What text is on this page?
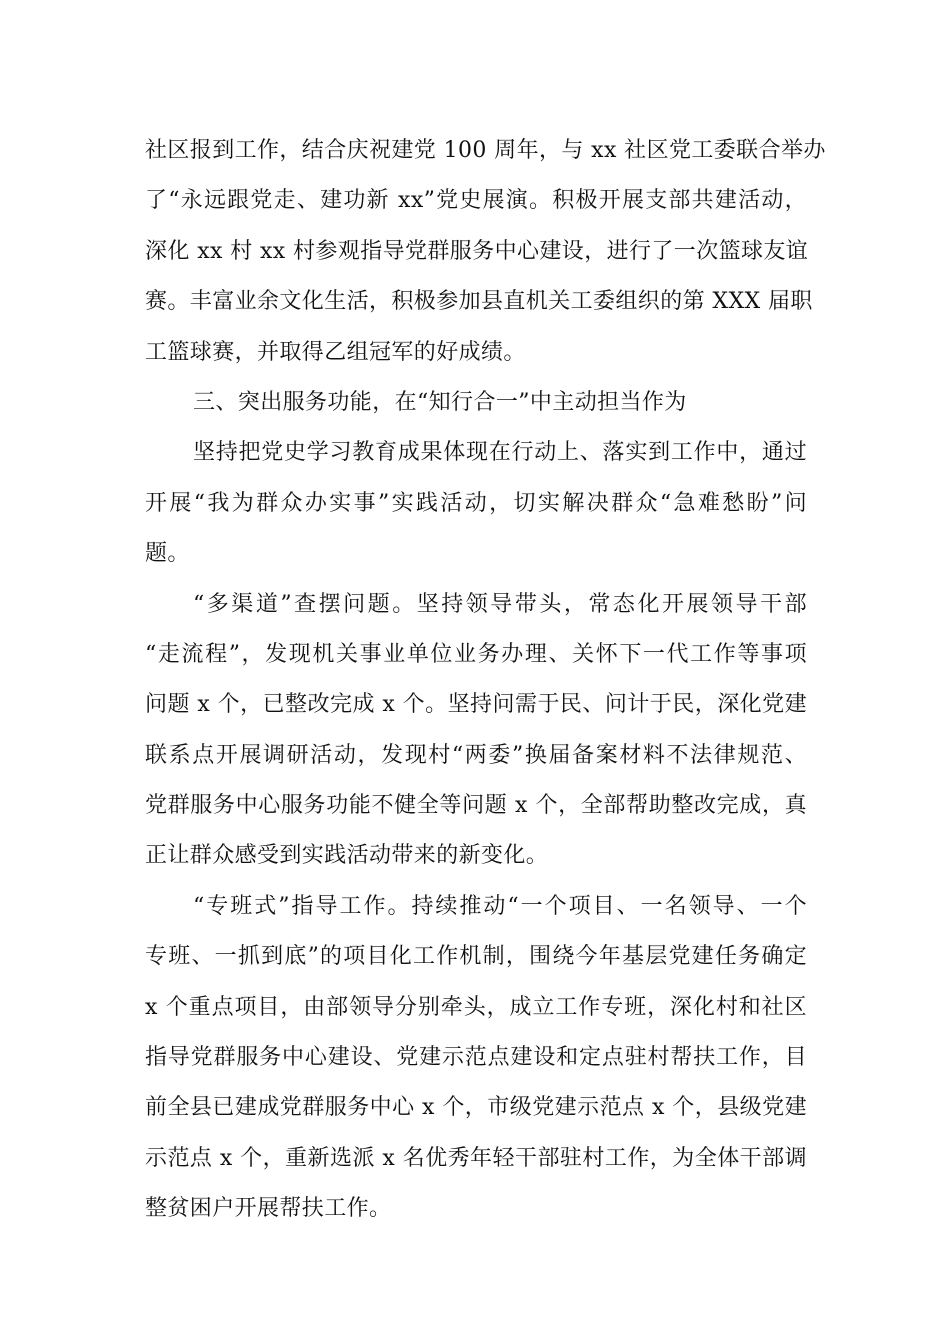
社区报到工作，结合庆祝建党 100 周年，与 xx 社区党工委联合举办
了“永远跟党走、建功新 xx”党史展演。积极开展支部共建活动，
深化 xx 村 xx 村参观指导党群服务中心建设，进行了一次篮球友谊
赛。丰富业余文化生活，积极参加县直机关工委组织的第 XXX 届职
工篮球赛，并取得乙组冠军的好成绩。
三、突出服务功能，在“知行合一”中主动担当作为
坚持把党史学习教育成果体现在行动上、落实到工作中，通过
开展“我为群众办实事”实践活动，切实解决群众“急难愁盼”问
题。
“多渠道”查摆问题。坚持领导带头，常态化开展领导干部
“走流程”，发现机关事业单位业务办理、关怀下一代工作等事项
问题 x 个，已整改完成 x 个。坚持问需于民、问计于民，深化党建
联系点开展调研活动，发现村“两委”换届备案材料不法律规范、
党群服务中心服务功能不健全等问题 x 个，全部帮助整改完成，真
正让群众感受到实践活动带来的新变化。
“专班式”指导工作。持续推动“一个项目、一名领导、一个
专班、一抓到底”的项目化工作机制，围绕今年基层党建任务确定
x 个重点项目，由部领导分别牵头，成立工作专班，深化村和社区
指导党群服务中心建设、党建示范点建设和定点驻村帮扶工作，目
前全县已建成党群服务中心 x 个，市级党建示范点 x 个，县级党建
示范点 x 个，重新选派 x 名优秀年轻干部驻村工作，为全体干部调
整贫困户开展帮扶工作。
